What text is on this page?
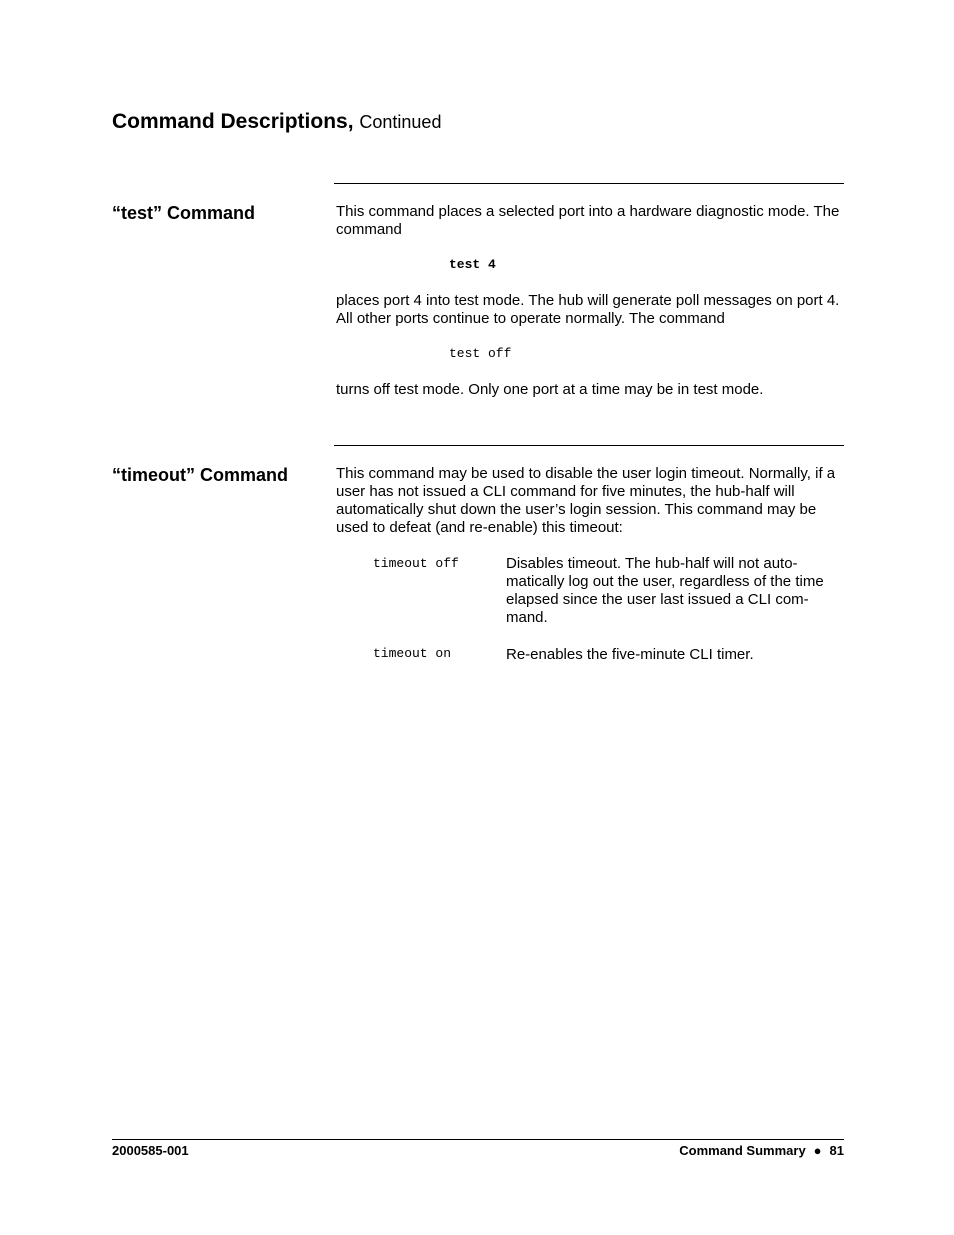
Command Descriptions, Continued
“test” Command	This command places a selected port into a hardware diagnostic mode. The command
test 4
places port 4 into test mode. The hub will generate poll messages on port 4. All other ports continue to operate normally. The command
test off
turns off test mode. Only one port at a time may be in test mode.
“timeout” Command	This command may be used to disable the user login timeout. Normally, if a user has not issued a CLI command for five minutes, the hub-half will automatically shut down the user’s login session. This command may be used to defeat (and re-enable) this timeout:
timeout off	Disables timeout. The hub-half will not auto-matically log out the user, regardless of the time elapsed since the user last issued a CLI com-mand.
timeout on	Re-enables the five-minute CLI timer.
2000585-001	Command Summary ● 81
